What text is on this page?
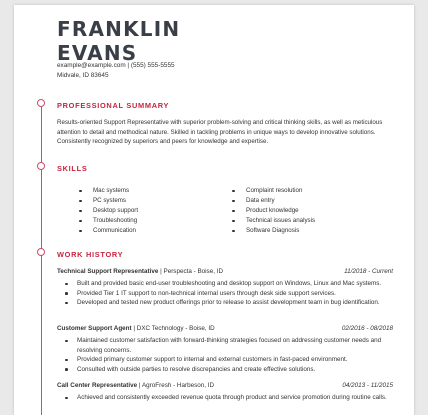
FRANKLIN
EVANS
example@example.com | (555) 555-5555
Midvale, ID 83645
PROFESSIONAL SUMMARY
Results-oriented Support Representative with superior problem-solving and critical thinking skills, as well as meticulous attention to detail and methodical nature. Skilled in tackling problems in unique ways to develop innovative solutions. Consistently recognized by superiors and peers for knowledge and expertise.
SKILLS
Mac systems
PC systems
Desktop support
Troubleshooting
Communication
Complaint resolution
Data entry
Product knowledge
Technical issues analysis
Software Diagnosis
WORK HISTORY
Technical Support Representative | Perspecta - Boise, ID	11/2018 - Current
Built and provided basic end-user troubleshooting and desktop support on Windows, Linux and Mac systems.
Provided Tier 1 IT support to non-technical internal users through desk side support services.
Developed and tested new product offerings prior to release to assist development team in bug identification.
Customer Support Agent | DXC Technology - Boise, ID	02/2016 - 08/2018
Maintained customer satisfaction with forward-thinking strategies focused on addressing customer needs and resolving concerns.
Provided primary customer support to internal and external customers in fast-paced environment.
Consulted with outside parties to resolve discrepancies and create effective solutions.
Call Center Representative | AgroFresh - Harbeson, ID	04/2013 - 11/2015
Achieved and consistently exceeded revenue quota through product and service promotion during routine calls.
